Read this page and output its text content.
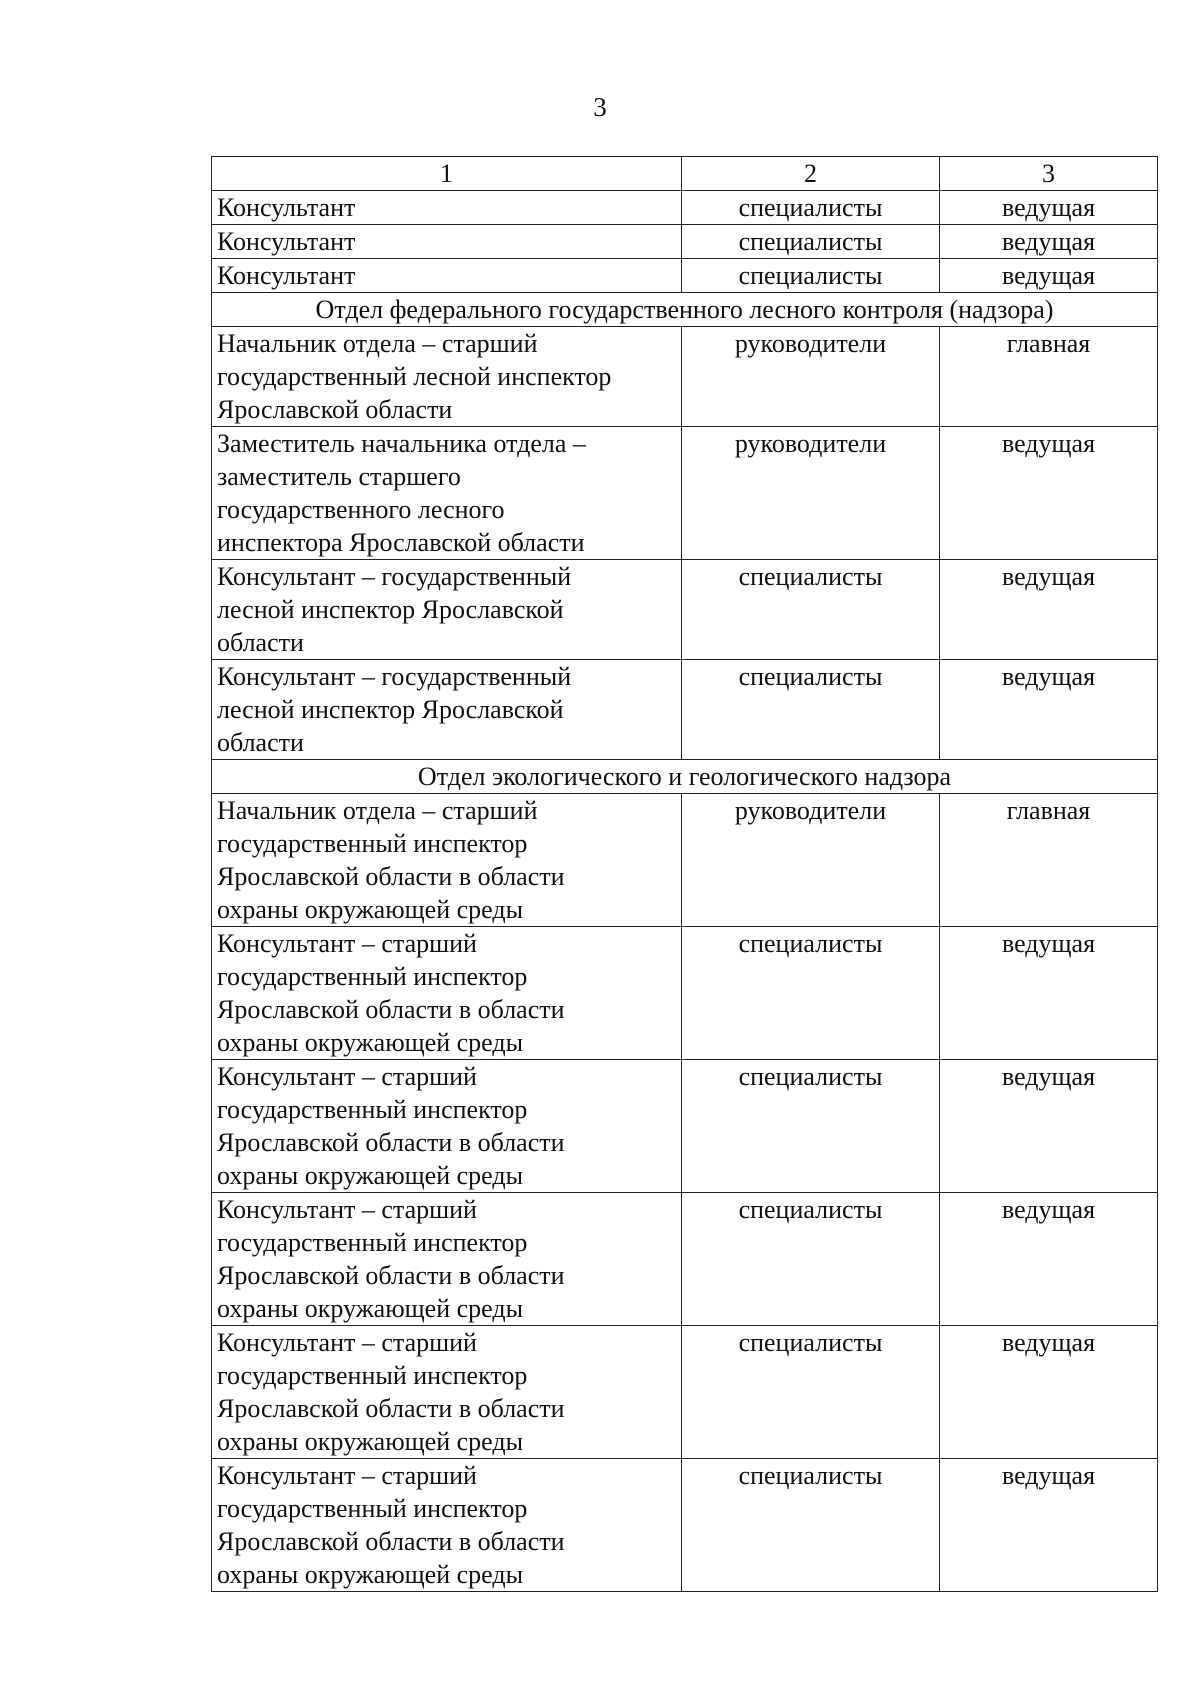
3
1	2	3
Консультант	специалисты	ведущая
Консультант	специалисты	ведущая
Консультант	специалисты	ведущая
Отдел федерального государственного лесного контроля (надзора)		

Начальник отдела – старший
государственный лесной инспектор
Ярославской области	руководители	главная

Заместитель начальника отдела –
заместитель старшего
государственного лесного
инспектора Ярославской области	руководители	ведущая

Консультант – государственный
лесной инспектор Ярославской
области	специалисты	ведущая

Консультант – государственный
лесной инспектор Ярославской
области	специалисты	ведущая
Отдел экологического и геологического надзора		

Начальник отдела – старший
государственный инспектор
Ярославской области в области
охраны окружающей среды	руководители	главная

Консультант – старший
государственный инспектор
Ярославской области в области
охраны окружающей среды	специалисты	ведущая

Консультант – старший
государственный инспектор
Ярославской области в области
охраны окружающей среды	специалисты	ведущая

Консультант – старший
государственный инспектор
Ярославской области в области
охраны окружающей среды	специалисты	ведущая

Консультант – старший
государственный инспектор
Ярославской области в области
охраны окружающей среды	специалисты	ведущая

Консультант – старший
государственный инспектор
Ярославской области в области
охраны окружающей среды	специалисты	ведущая
